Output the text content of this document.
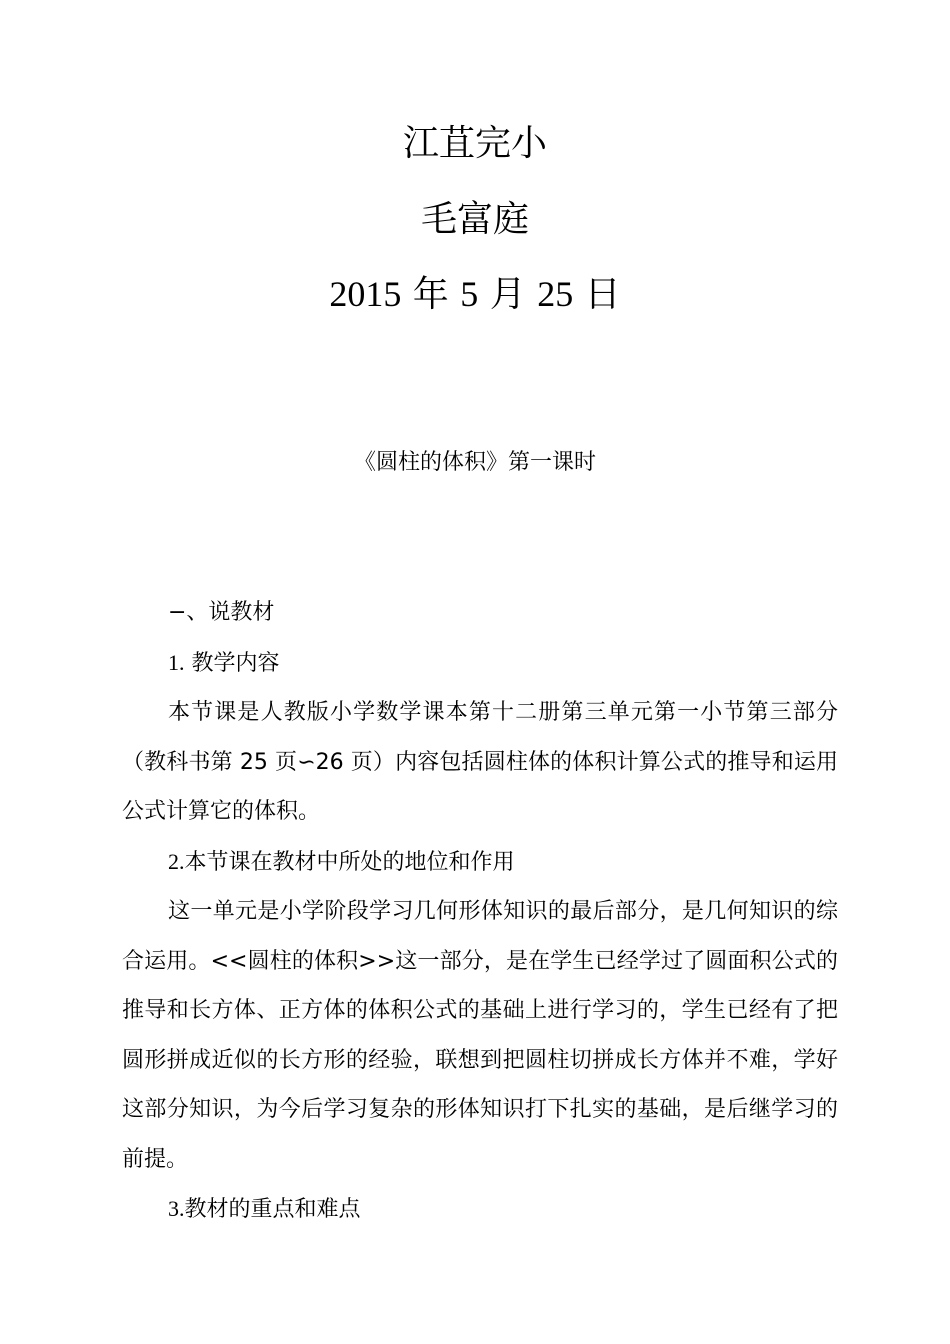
江苴完小
毛富庭
2015 年 5 月 25 日
《圆柱的体积》第一课时

−、说教材

1. 教学内容

本节课是人教版小学数学课本第十二册第三单元第一小节第三部分（教科书第 25 页∽26 页）内容包括圆柱体的体积计算公式的推导和运用公式计算它的体积。

2.本节课在教材中所处的地位和作用

这一单元是小学阶段学习几何形体知识的最后部分，是几何知识的综合运用。<<圆柱的体积>>这一部分，是在学生已经学过了圆面积公式的推导和长方体、正方体的体积公式的基础上进行学习的，学生已经有了把圆形拼成近似的长方形的经验，联想到把圆柱切拼成长方体并不难，学好这部分知识，为今后学习复杂的形体知识打下扎实的基础，是后继学习的前提。

3.教材的重点和难点
